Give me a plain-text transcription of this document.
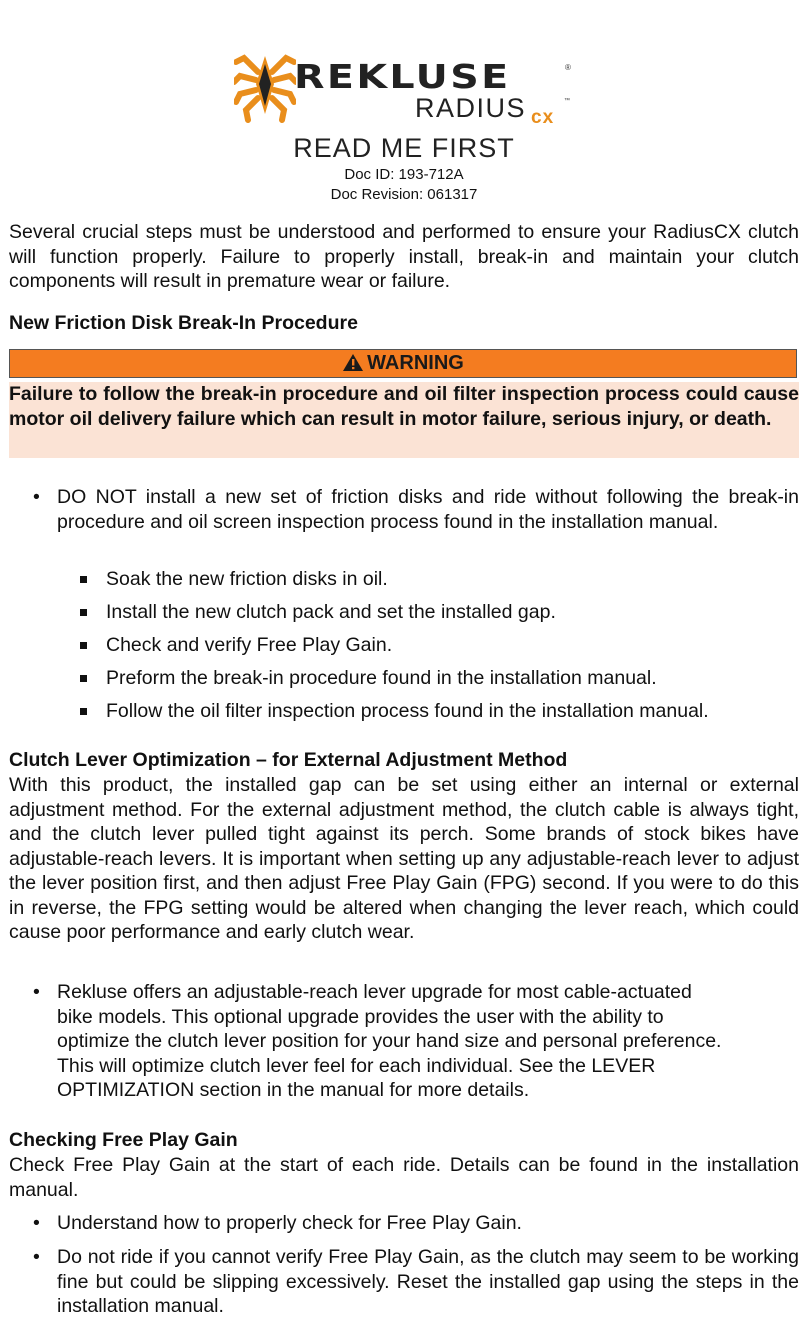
REKLUSE	®
RADIUS cx
™
READ ME FIRST
Doc ID: 193-712A
Doc Revision: 061317
Several crucial steps must be understood and performed to ensure your RadiusCX clutch will function properly. Failure to properly install, break-in and maintain your clutch components will result in premature wear or failure.
New Friction Disk Break-In Procedure
WARNING
Failure to follow the break-in procedure and oil filter inspection process could cause motor oil delivery failure which can result in motor failure, serious injury, or death.
• DO NOT install a new set of friction disks and ride without following the break-in procedure and oil screen inspection process found in the installation manual.
Soak the new friction disks in oil.
Install the new clutch pack and set the installed gap.
Check and verify Free Play Gain.
Preform the break-in procedure found in the installation manual.
Follow the oil filter inspection process found in the installation manual.
Clutch Lever Optimization – for External Adjustment Method
With this product, the installed gap can be set using either an internal or external adjustment method. For the external adjustment method, the clutch cable is always tight, and the clutch lever pulled tight against its perch. Some brands of stock bikes have adjustable-reach levers. It is important when setting up any adjustable-reach lever to adjust the lever position first, and then adjust Free Play Gain (FPG) second. If you were to do this in reverse, the FPG setting would be altered when changing the lever reach, which could cause poor performance and early clutch wear.
• Rekluse offers an adjustable-reach lever upgrade for most cable-actuated
bike models. This optional upgrade provides the user with the ability to
optimize the clutch lever position for your hand size and personal preference.
This will optimize clutch lever feel for each individual. See the LEVER
OPTIMIZATION section in the manual for more details.
Checking Free Play Gain
Check Free Play Gain at the start of each ride. Details can be found in the installation manual.
• Understand how to properly check for Free Play Gain.
• Do not ride if you cannot verify Free Play Gain, as the clutch may seem to be working fine but could be slipping excessively. Reset the installed gap using the steps in the installation manual.
